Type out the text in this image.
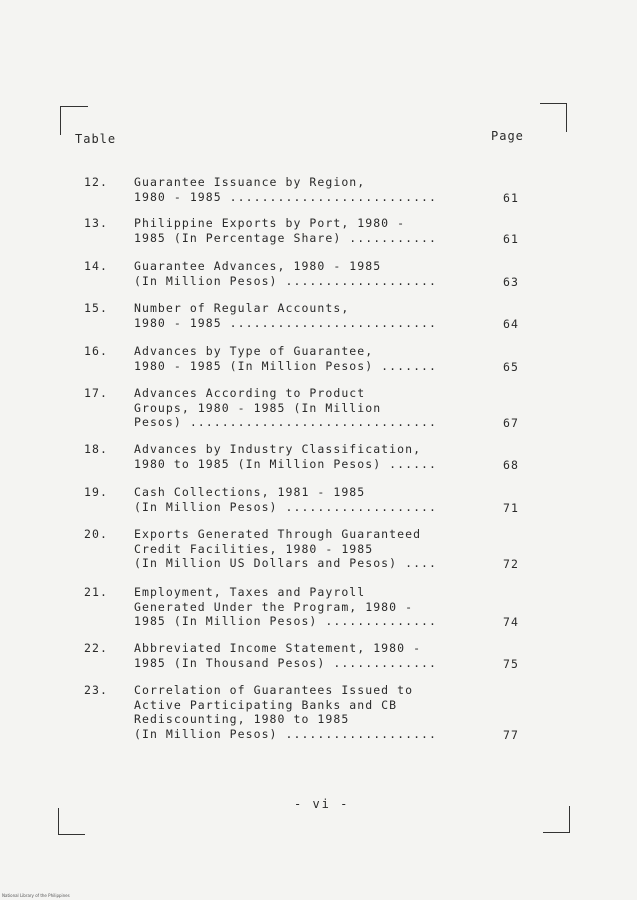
Table	Page
12. Guarantee Issuance by Region,
1980 - 1985 ..........................	61
13. Philippine Exports by Port, 1980 -
1985 (In Percentage Share) ...........	61
14. Guarantee Advances, 1980 - 1985
(In Million Pesos) ...................	63
15. Number of Regular Accounts,
1980 - 1985 ..........................	64
16. Advances by Type of Guarantee,
1980 - 1985 (In Million Pesos) .......	65
17. Advances According to Product
Groups, 1980 - 1985 (In Million
Pesos) ...............................	67
18. Advances by Industry Classification,
1980 to 1985 (In Million Pesos) ......	68
19. Cash Collections, 1981 - 1985
(In Million Pesos) ...................	71
20. Exports Generated Through Guaranteed
Credit Facilities, 1980 - 1985
(In Million US Dollars and Pesos) ....	72
21. Employment, Taxes and Payroll
Generated Under the Program, 1980 -
1985 (In Million Pesos) ..............	74
22. Abbreviated Income Statement, 1980 -
1985 (In Thousand Pesos) .............	75
23. Correlation of Guarantees Issued to
Active Participating Banks and CB
Rediscounting, 1980 to 1985
(In Million Pesos) ...................	77
- vi -
National Library of the Philippines
